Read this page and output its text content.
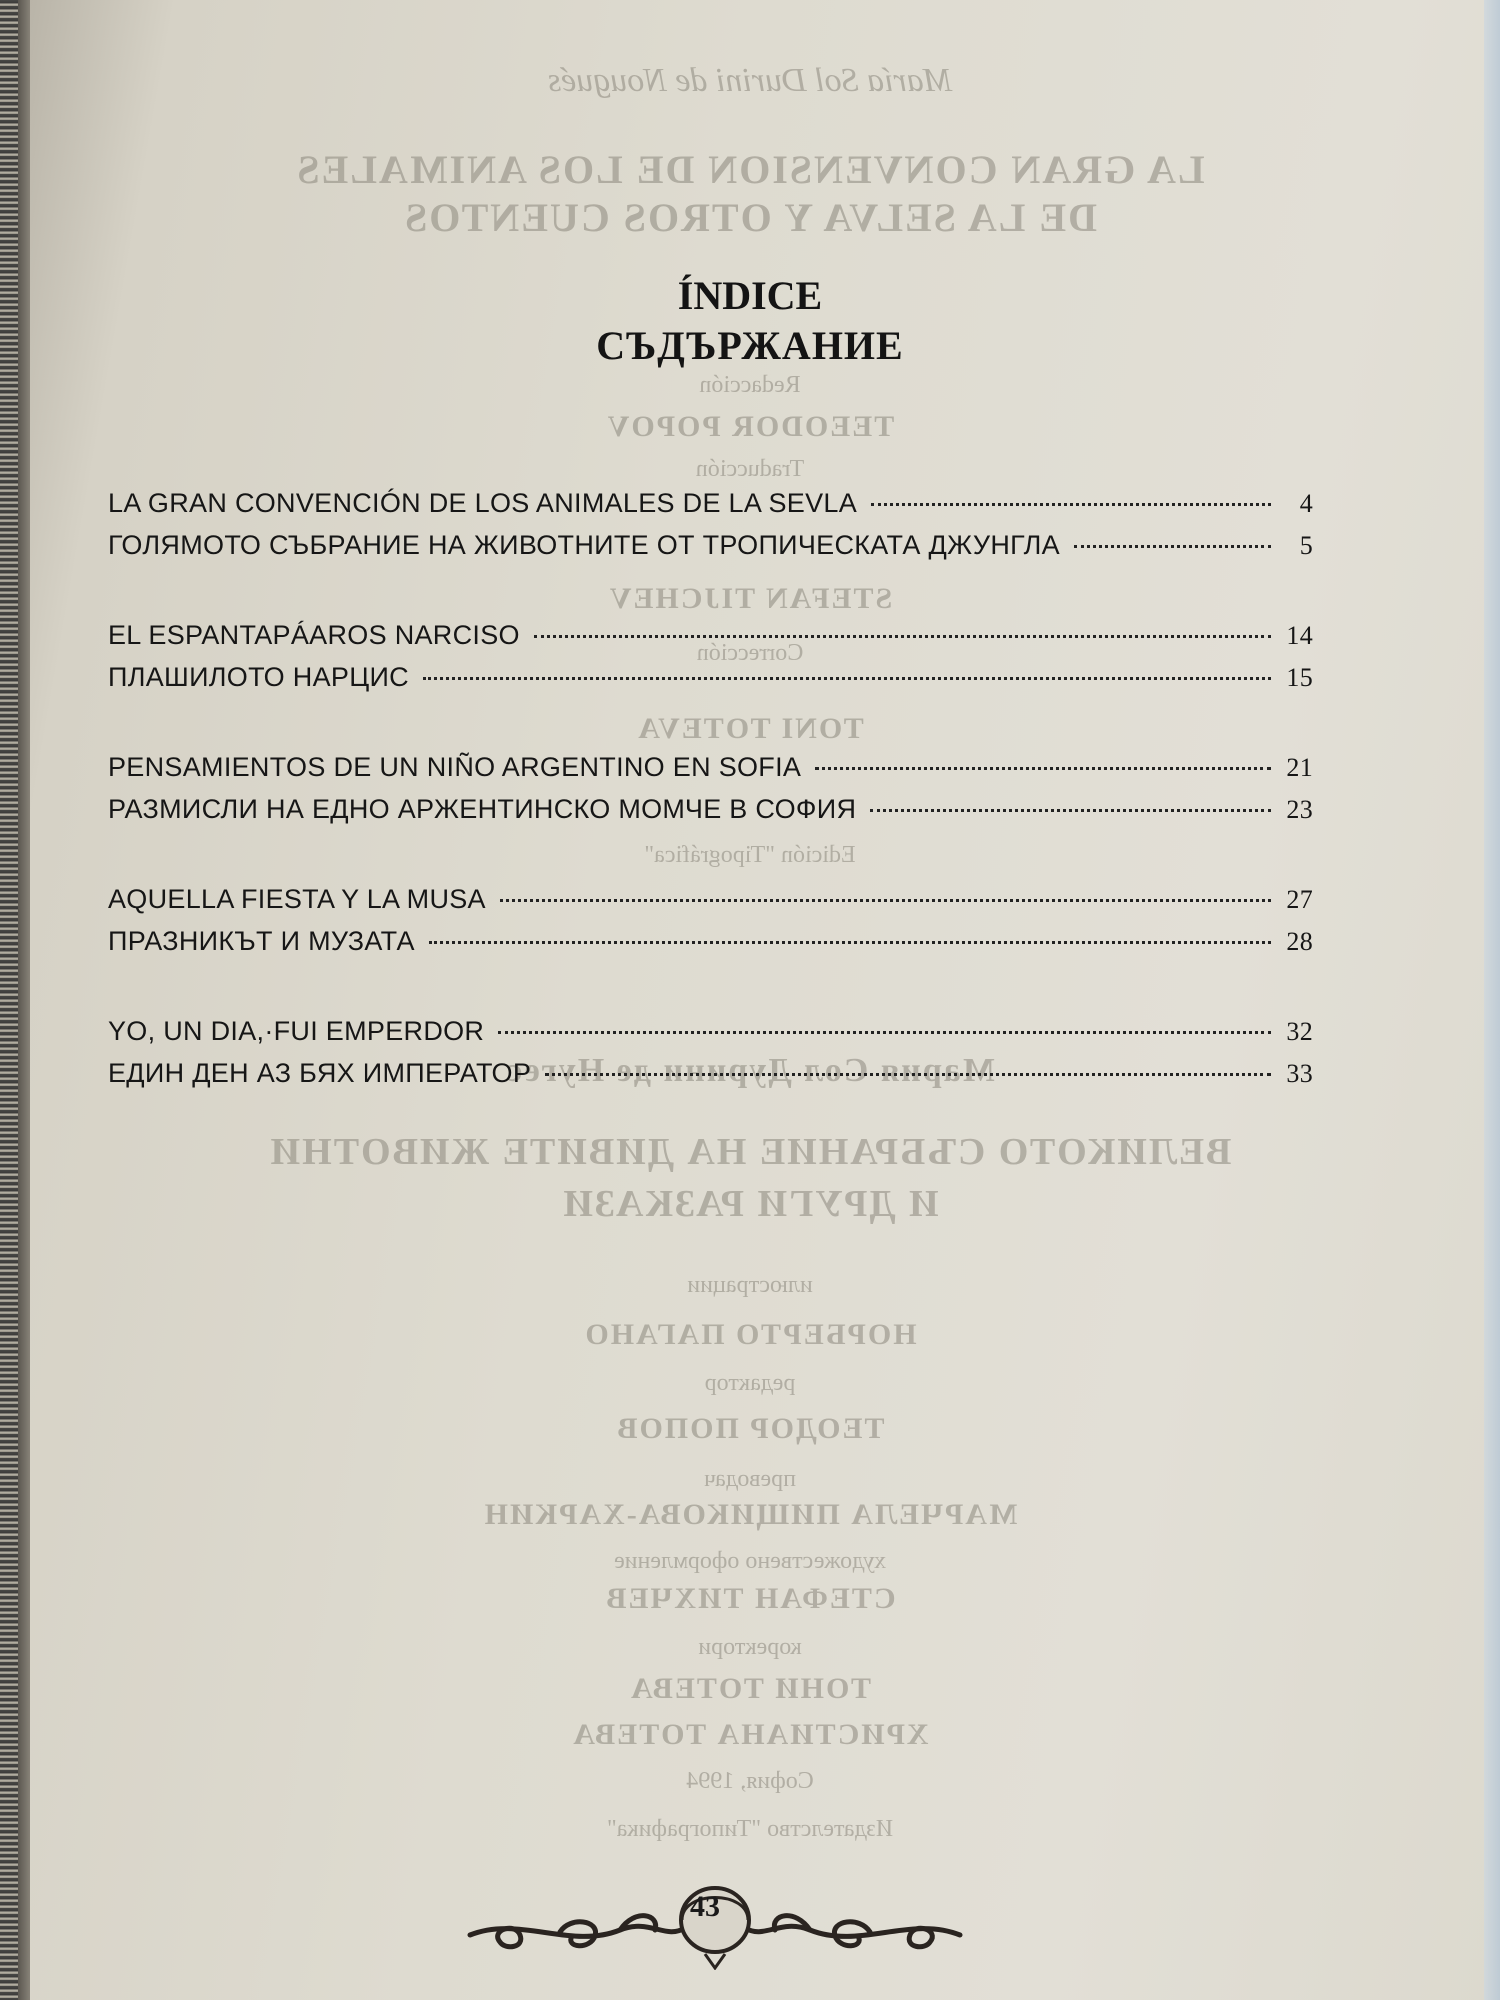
María Sol Durini de Nougués
LA GRAN CONVENSION DE LOS ANIMALES
DE LA SELVA Y OTROS CUENTOS
Redacción
TEEODOR POPOV
Traducción
STEFAN TIJCHEV
Corrección
TONI TOTEVA
Edición "Tipográfica"
Мария Сол Дурини де Нугес
ВЕЛИКОТО СЪБРАНИЕ НА ДИВИТЕ ЖИВОТНИ
И ДРУГИ РАЗКАЗИ
илюстрации
НОРБЕРТО ПАГАНО
редактор
ТЕОДОР ПОПОВ
преводач
МАРЧЕЛА ПИЩИКОВА-ХАРКИН
художествено оформление
СТЕФАН ТИХЧЕВ
коректори
ТОНИ ТОТЕВА
ХРИСТИАНА ТОТЕВА
София, 1994
Издателство "Типографика"
ÍNDICE
СЪДЪРЖАНИЕ
LA GRAN CONVENCIÓN DE LOS ANIMALES DE LA SEVLA	4
ГОЛЯМОТО СЪБРАНИЕ НА ЖИВОТНИТЕ ОТ ТРОПИЧЕСКАТА ДЖУНГЛА	5
EL ESPANTAPÁAROS NARCISO	14
ПЛАШИЛОТО НАРЦИС	15
PENSAMIENTOS DE UN NIÑO ARGENTINO EN SOFIA	21
РАЗМИСЛИ НА ЕДНО АРЖЕНТИНСКО МОМЧЕ В СОФИЯ	23
AQUELLA FIESTA Y LA MUSA	27
ПРАЗНИКЪТ И МУЗАТА	28
YO, UN DIA,·FUI EMPERDOR	32
ЕДИН ДЕН АЗ БЯХ ИМПЕРАТОР	33
43
